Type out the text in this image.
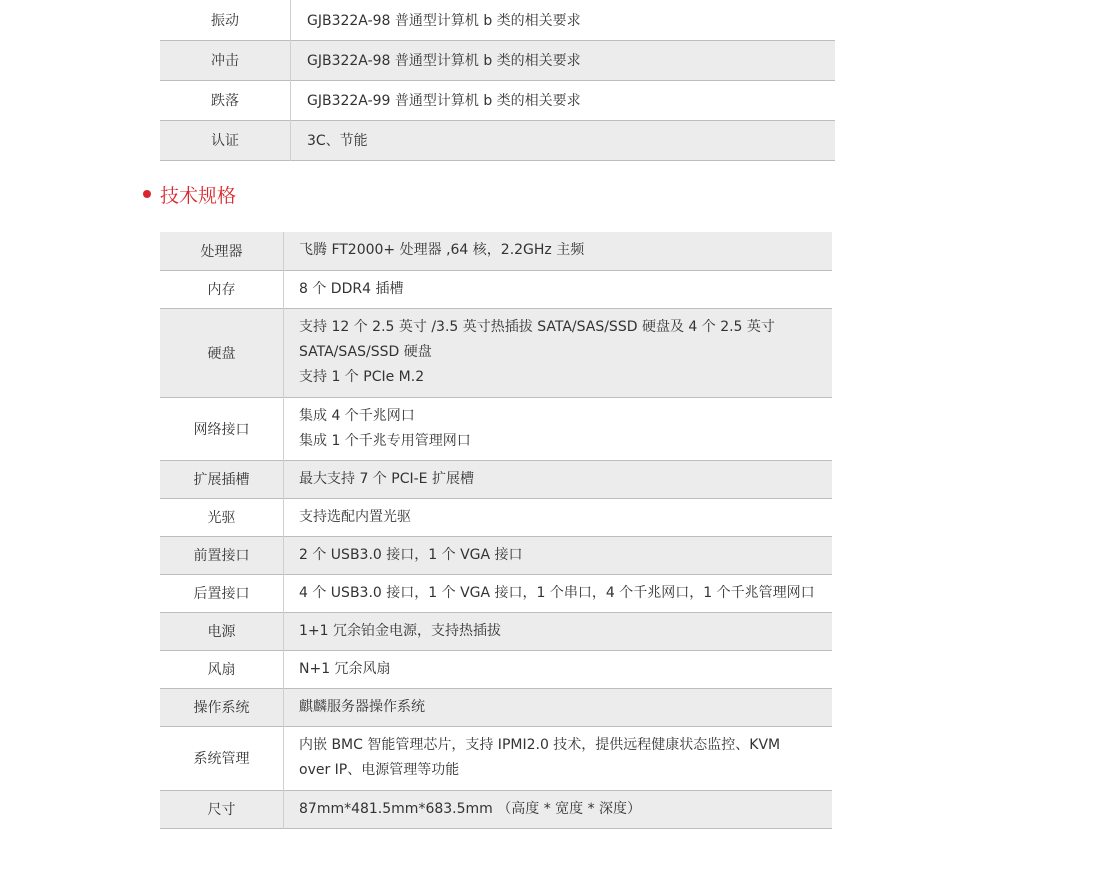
振动	GJB322A-98 普通型计算机 b 类的相关要求
冲击	GJB322A-98 普通型计算机 b 类的相关要求
跌落	GJB322A-99 普通型计算机 b 类的相关要求
认证	3C、节能
技术规格
处理器	飞腾 FT2000+ 处理器 ,64 核，2.2GHz 主频

内存	8 个 DDR4 插槽

硬盘	支持 12 个 2.5 英寸 /3.5 英寸热插拔 SATA/SAS/SSD 硬盘及 4 个 2.5 英寸
SATA/SAS/SSD 硬盘
支持 1 个 PCIe M.2

网络接口	集成 4 个千兆网口
集成 1 个千兆专用管理网口

扩展插槽	最大支持 7 个 PCI-E 扩展槽

光驱	支持选配内置光驱

前置接口	2 个 USB3.0 接口，1 个 VGA 接口

后置接口	4 个 USB3.0 接口，1 个 VGA 接口，1 个串口，4 个千兆网口，1 个千兆管理网口

电源	1+1 冗余铂金电源，支持热插拔

风扇	N+1 冗余风扇

操作系统	麒麟服务器操作系统

系统管理	内嵌 BMC 智能管理芯片，支持 IPMI2.0 技术，提供远程健康状态监控、KVM
over IP、电源管理等功能

尺寸	87mm*481.5mm*683.5mm （高度 * 宽度 * 深度）
